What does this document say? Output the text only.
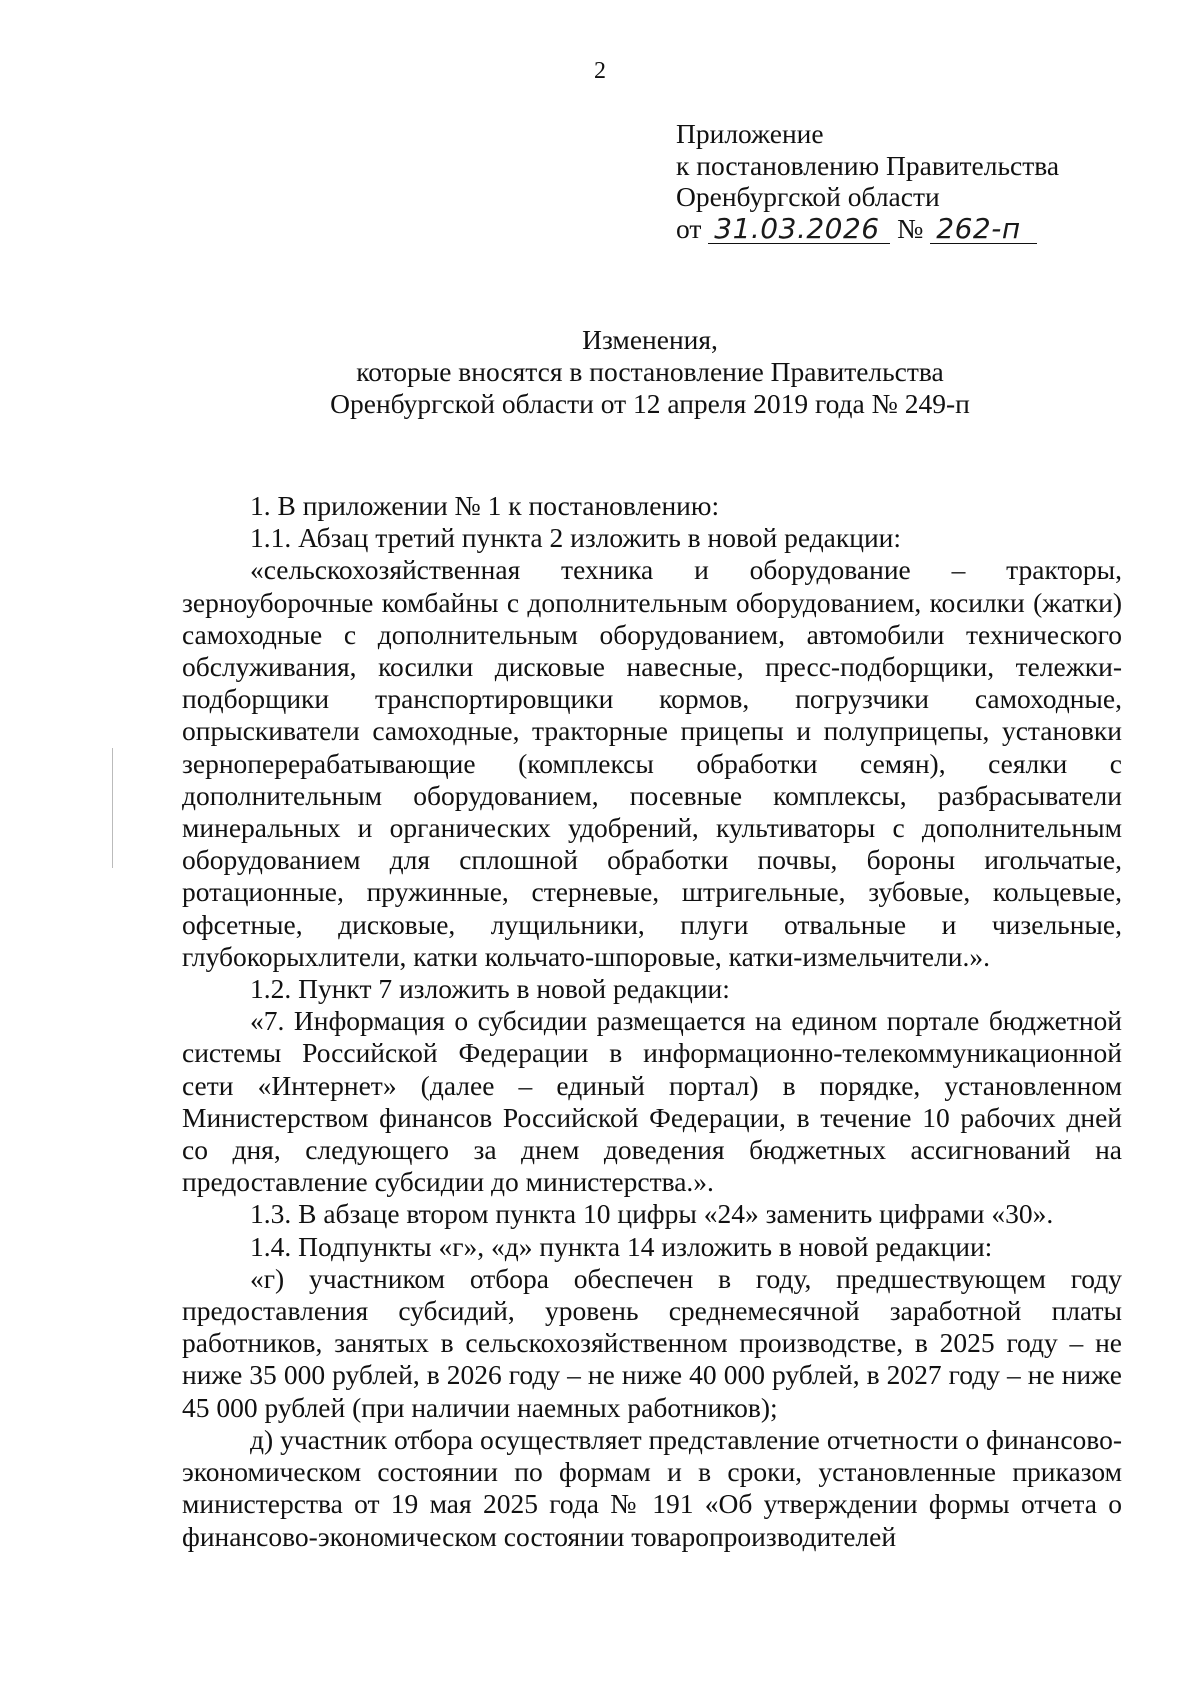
2
Приложение
к постановлению Правительства
Оренбургской области
от 31.03.2026 № 262-п
Изменения,
которые вносятся в постановление Правительства
Оренбургской области от 12 апреля 2019 года № 249-п

1. В приложении № 1 к постановлению:

1.1. Абзац третий пункта 2 изложить в новой редакции:

«сельскохозяйственная техника и оборудование – тракторы, зерноуборочные комбайны с дополнительным оборудованием, косилки (жатки) самоходные с дополнительным оборудованием, автомобили технического обслуживания, косилки дисковые навесные, пресс-подборщики, тележки-подборщики транспортировщики кормов, погрузчики самоходные, опрыскиватели самоходные, тракторные прицепы и полуприцепы, установки зерноперерабатывающие (комплексы обработки семян), сеялки с дополнительным оборудованием, посевные комплексы, разбрасыватели минеральных и органических удобрений, культиваторы с дополнительным оборудованием для сплошной обработки почвы, бороны игольчатые, ротационные, пружинные, стерневые, штригельные, зубовые, кольцевые, офсетные, дисковые, лущильники, плуги отвальные и чизельные, глубокорыхлители, катки кольчато-шпоровые, катки-измельчители.».

1.2. Пункт 7 изложить в новой редакции:

«7. Информация о субсидии размещается на едином портале бюджетной системы Российской Федерации в информационно-телекоммуникационной сети «Интернет» (далее – единый портал) в порядке, установленном Министерством финансов Российской Федерации, в течение 10 рабочих дней со дня, следующего за днем доведения бюджетных ассигнований на предоставление субсидии до министерства.».

1.3. В абзаце втором пункта 10 цифры «24» заменить цифрами «30».

1.4. Подпункты «г», «д» пункта 14 изложить в новой редакции:

«г) участником отбора обеспечен в году, предшествующем году предоставления субсидий, уровень среднемесячной заработной платы работников, занятых в сельскохозяйственном производстве, в 2025 году – не ниже 35 000 рублей, в 2026 году – не ниже 40 000 рублей, в 2027 году – не ниже 45 000 рублей (при наличии наемных работников);

д) участник отбора осуществляет представление отчетности о финансово-экономическом состоянии по формам и в сроки, установленные приказом министерства от 19 мая 2025 года № 191 «Об утверждении формы отчета о финансово-экономическом состоянии товаропроизводителей
